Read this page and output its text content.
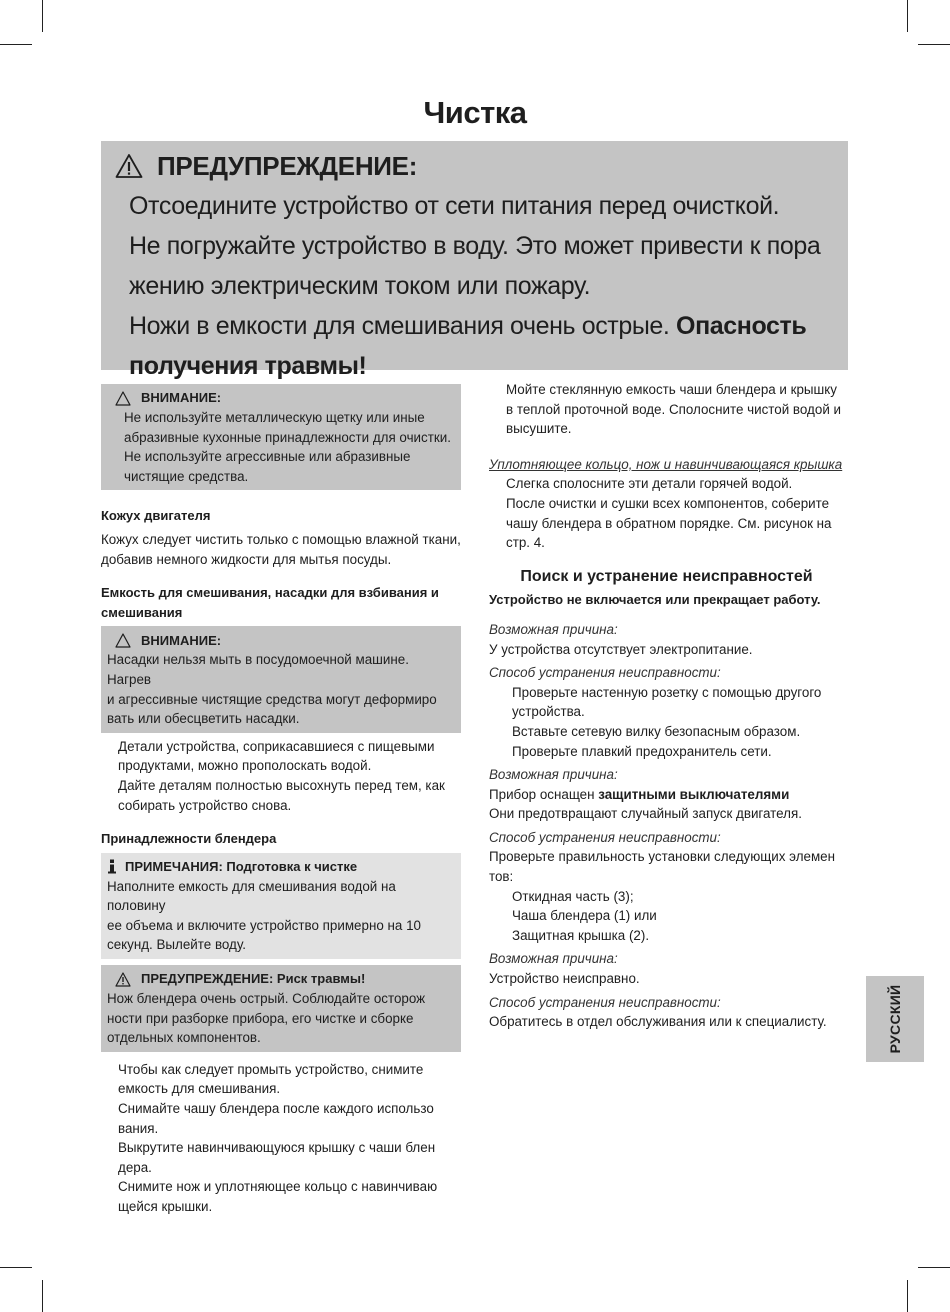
Чистка
ПРЕДУПРЕЖДЕНИЕ:

Отсоедините устройство от сети питания перед очисткой.

Не погружайте устройство в воду. Это может привести к пора

жению электрическим током или пожару.

Ножи в емкости для смешивания очень острые. Опасность

получения травмы!

ВНИМАНИЕ:
Не используйте металлическую щетку или иные
абразивные кухонные принадлежности для очистки.
Не используйте агрессивные или абразивные
чистящие средства.
Кожух двигателя
Кожух следует чистить только с помощью влажной ткани,
добавив немного жидкости для мытья посуды.
Емкость для смешивания, насадки для взбивания и
смешивания
ВНИМАНИЕ:
Насадки нельзя мыть в посудомоечной машине. Нагрев
и агрессивные чистящие средства могут деформиро
вать или обесцветить насадки.
Детали устройства, соприкасавшиеся с пищевыми
продуктами, можно прополоскать водой.
Дайте деталям полностью высохнуть перед тем, как
собирать устройство снова.
Принадлежности блендера
ПРИМЕЧАНИЯ: Подготовка к чистке
Наполните емкость для смешивания водой на половину
ее объема и включите устройство примерно на 10
секунд. Вылейте воду.
ПРЕДУПРЕЖДЕНИЕ: Риск травмы!
Нож блендера очень острый. Соблюдайте осторож
ности при разборке прибора, его чистке и сборке
отдельных компонентов.
Чтобы как следует промыть устройство, снимите
емкость для смешивания.
Снимайте чашу блендера после каждого использо
вания.
Выкрутите навинчивающуюся крышку с чаши блен
дера.
Снимите нож и уплотняющее кольцо с навинчиваю
щейся крышки.
Мойте стеклянную емкость чаши блендера и крышку
в теплой проточной воде. Сполосните чистой водой и
высушите.
Уплотняющее кольцо, нож и навинчивающаяся крышка
Слегка сполосните эти детали горячей водой.
После очистки и сушки всех компонентов, соберите
чашу блендера в обратном порядке. См. рисунок на
стр. 4.
Поиск и устранение неисправностей
Устройство не включается или прекращает работу.
Возможная причина:
У устройства отсутствует электропитание.
Способ устранения неисправности:
Проверьте настенную розетку с помощью другого
устройства.
Вставьте сетевую вилку безопасным образом.
Проверьте плавкий предохранитель сети.
Возможная причина:
Прибор оснащен защитными выключателями
Они предотвращают случайный запуск двигателя.
Способ устранения неисправности:
Проверьте правильность установки следующих элемен
тов:
Откидная часть (3);
Чаша блендера (1) или
Защитная крышка (2).
Возможная причина:
Устройство неисправно.
Способ устранения неисправности:
Обратитесь в отдел обслуживания или к специалисту.	РУССКИЙ
